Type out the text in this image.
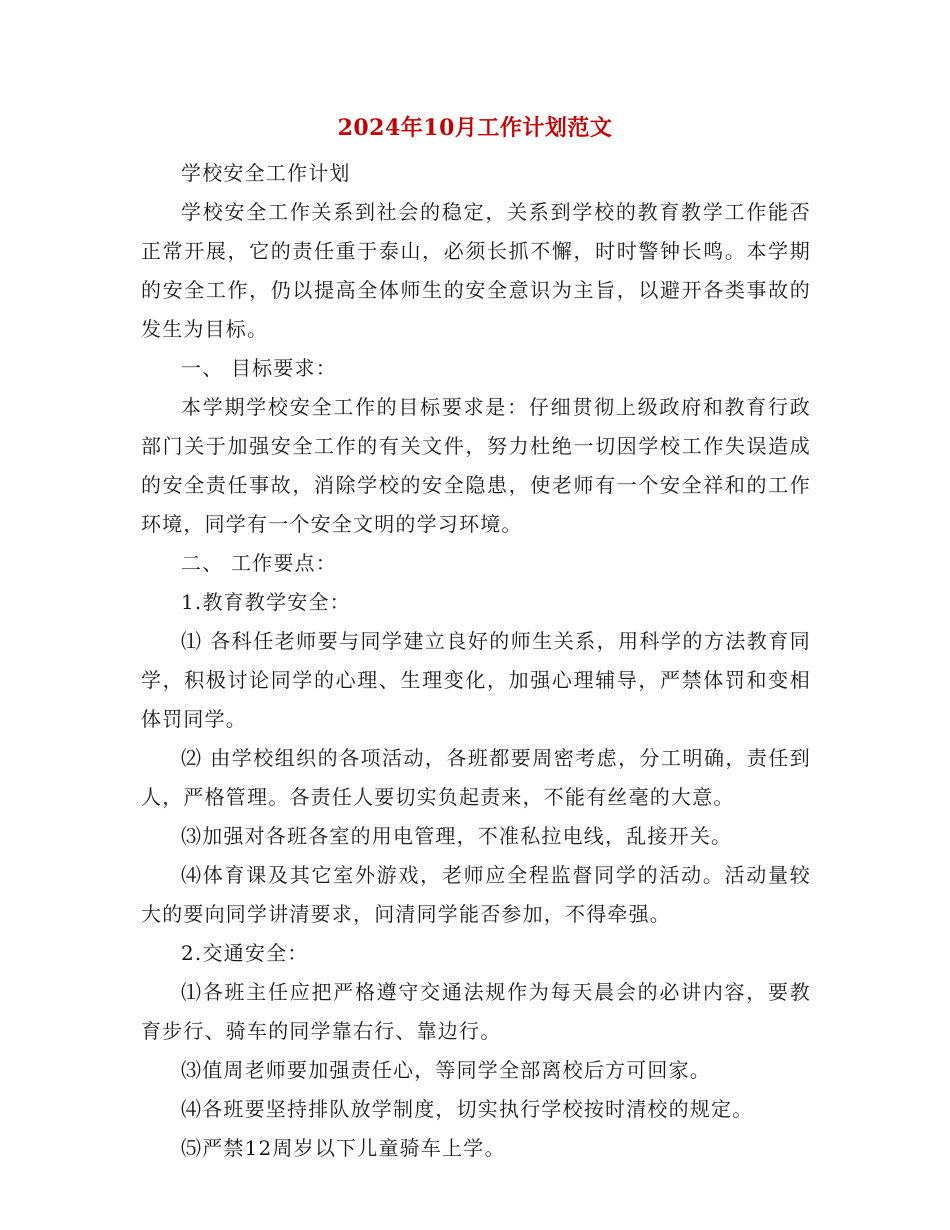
2024年10月工作计划范文

学校安全工作计划

学校安全工作关系到社会的稳定，关系到学校的教育教学工作能否正常开展，它的责任重于泰山，必须长抓不懈，时时警钟长鸣。本学期的安全工作，仍以提高全体师生的安全意识为主旨，以避开各类事故的发生为目标。

一、 目标要求：

本学期学校安全工作的目标要求是：仔细贯彻上级政府和教育行政部门关于加强安全工作的有关文件，努力杜绝一切因学校工作失误造成的安全责任事故，消除学校的安全隐患，使老师有一个安全祥和的工作环境，同学有一个安全文明的学习环境。

二、 工作要点：

1.教育教学安全：

⑴ 各科任老师要与同学建立良好的师生关系，用科学的方法教育同学，积极讨论同学的心理、生理变化，加强心理辅导，严禁体罚和变相体罚同学。

⑵ 由学校组织的各项活动，各班都要周密考虑，分工明确，责任到人，严格管理。各责任人要切实负起责来，不能有丝毫的大意。

⑶加强对各班各室的用电管理，不准私拉电线，乱接开关。

⑷体育课及其它室外游戏，老师应全程监督同学的活动。活动量较大的要向同学讲清要求，问清同学能否参加，不得牵强。

2.交通安全：

⑴各班主任应把严格遵守交通法规作为每天晨会的必讲内容，要教育步行、骑车的同学靠右行、靠边行。

⑶值周老师要加强责任心，等同学全部离校后方可回家。

⑷各班要坚持排队放学制度，切实执行学校按时清校的规定。

⑸严禁12周岁以下儿童骑车上学。
